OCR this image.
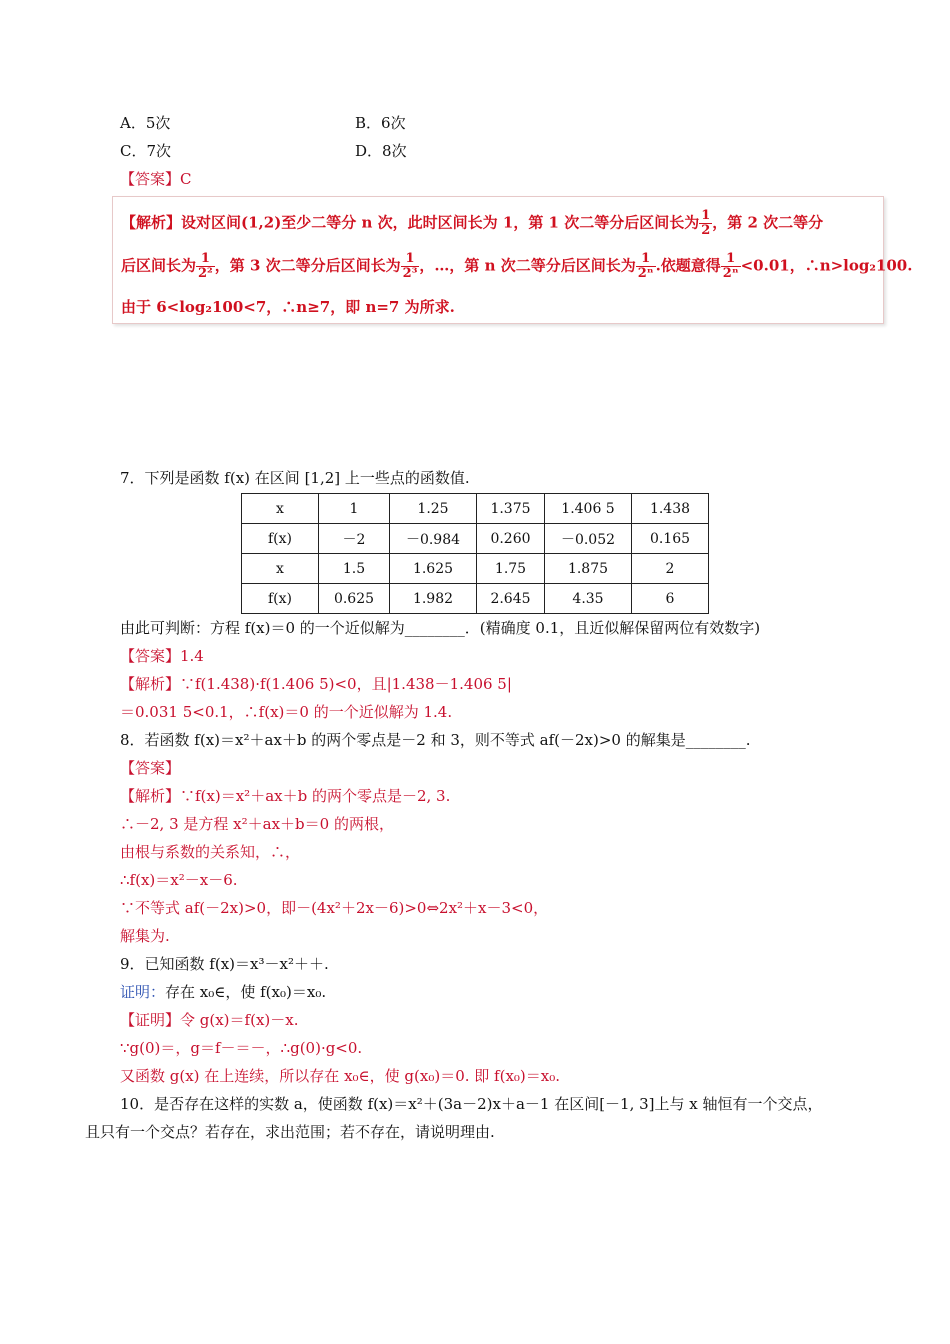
A．5次	B．6次
C．7次	D．8次
【答案】C
【解析】设对区间(1,2)至少二等分 n 次，此时区间长为 1，第 1 次二等分后区间长为 $\frac{1}{2}$ ，第 2 次二等分
后区间长为 $\frac{1}{\text{2²}}$ ，第 3 次二等分后区间长为 $\frac{1}{\text{2³}}$ ，…，第 n 次二等分后区间长为 $\frac{1}{\text{2ⁿ}}$ .依题意得 $\frac{1}{\text{2ⁿ}} <0.01$，∴n>log₂100.
由于 6<log₂100<7，∴n≥7，即 n=7 为所求.
7．下列是函数 f(x) 在区间 [1,2] 上一些点的函数值.
x	1	1.25	1.375	1.406 5	1.438
f(x)	－2	－0.984	0.260	－0.052	0.165
x	1.5	1.625	1.75	1.875	2
f(x)	0.625	1.982	2.645	4.35	6
由此可判断：方程 f(x)＝0 的一个近似解为________．(精确度 0.1，且近似解保留两位有效数字)
【答案】1.4
【解析】∵f(1.438)·f(1.406 5)<0，且|1.438－1.406 5|
＝0.031 5<0.1，∴f(x)＝0 的一个近似解为 1.4.
8．若函数 f(x)＝x²＋ax＋b 的两个零点是－2 和 3，则不等式 af(－2x)>0 的解集是________.
【答案】
【解析】∵f(x)＝x²＋ax＋b 的两个零点是－2, 3.
∴－2, 3 是方程 x²＋ax＋b＝0 的两根，
由根与系数的关系知，∴，
∴f(x)＝x²－x－6.
∵不等式 af(－2x)>0，即－(4x²＋2x－6)>0⇔2x²＋x－3<0，
解集为.
9．已知函数 f(x)＝x³－x²＋＋.
证明：存在 x₀∈，使 f(x₀)＝x₀.
【证明】令 g(x)＝f(x)－x.
∵g(0)＝，g＝f－＝－，∴g(0)·g<0.
又函数 g(x) 在上连续，所以存在 x₀∈，使 g(x₀)＝0. 即 f(x₀)＝x₀.
10．是否存在这样的实数 a，使函数 f(x)＝x²＋(3a－2)x＋a－1 在区间[－1, 3]上与 x 轴恒有一个交点，
且只有一个交点？若存在，求出范围；若不存在，请说明理由.
